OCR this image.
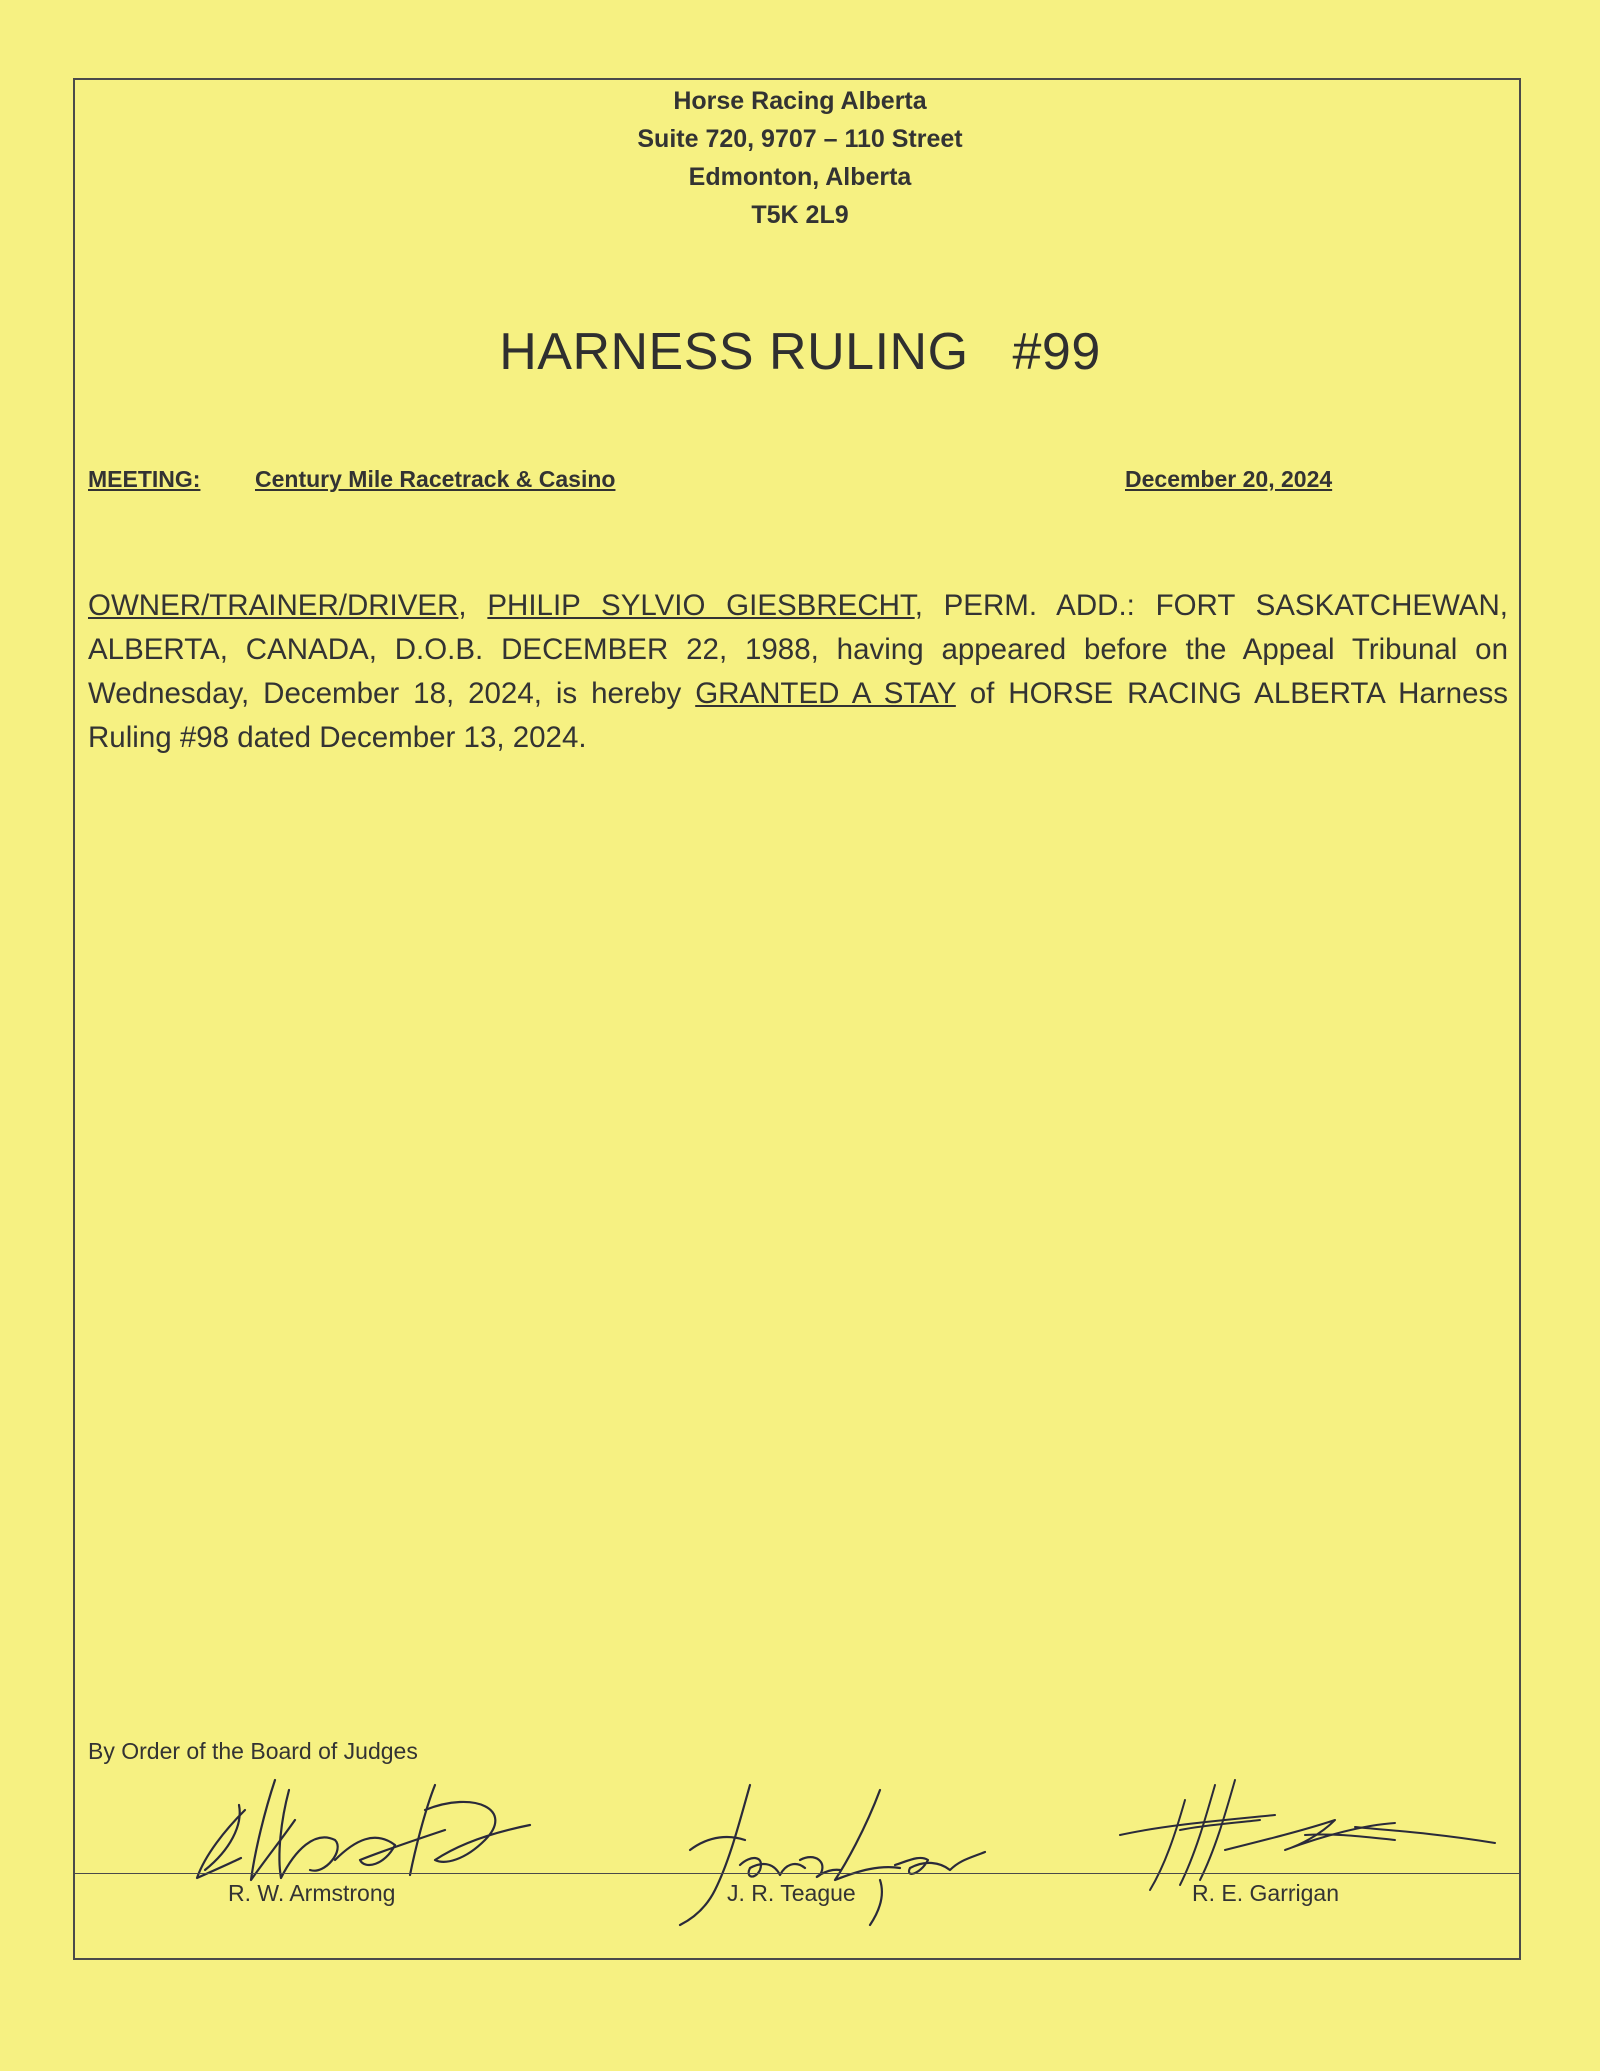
Horse Racing Alberta
Suite 720, 9707 – 110 Street
Edmonton, Alberta
T5K 2L9
HARNESS RULING #99
MEETING: Century Mile Racetrack & Casino	December 20, 2024
OWNER/TRAINER/DRIVER, PHILIP SYLVIO GIESBRECHT, PERM. ADD.: FORT SASKATCHEWAN, ALBERTA, CANADA, D.O.B. DECEMBER 22, 1988, having appeared before the Appeal Tribunal on Wednesday, December 18, 2024, is hereby GRANTED A STAY of HORSE RACING ALBERTA Harness Ruling #98 dated December 13, 2024.
By Order of the Board of Judges
R. W. Armstrong	J. R. Teague	R. E. Garrigan
